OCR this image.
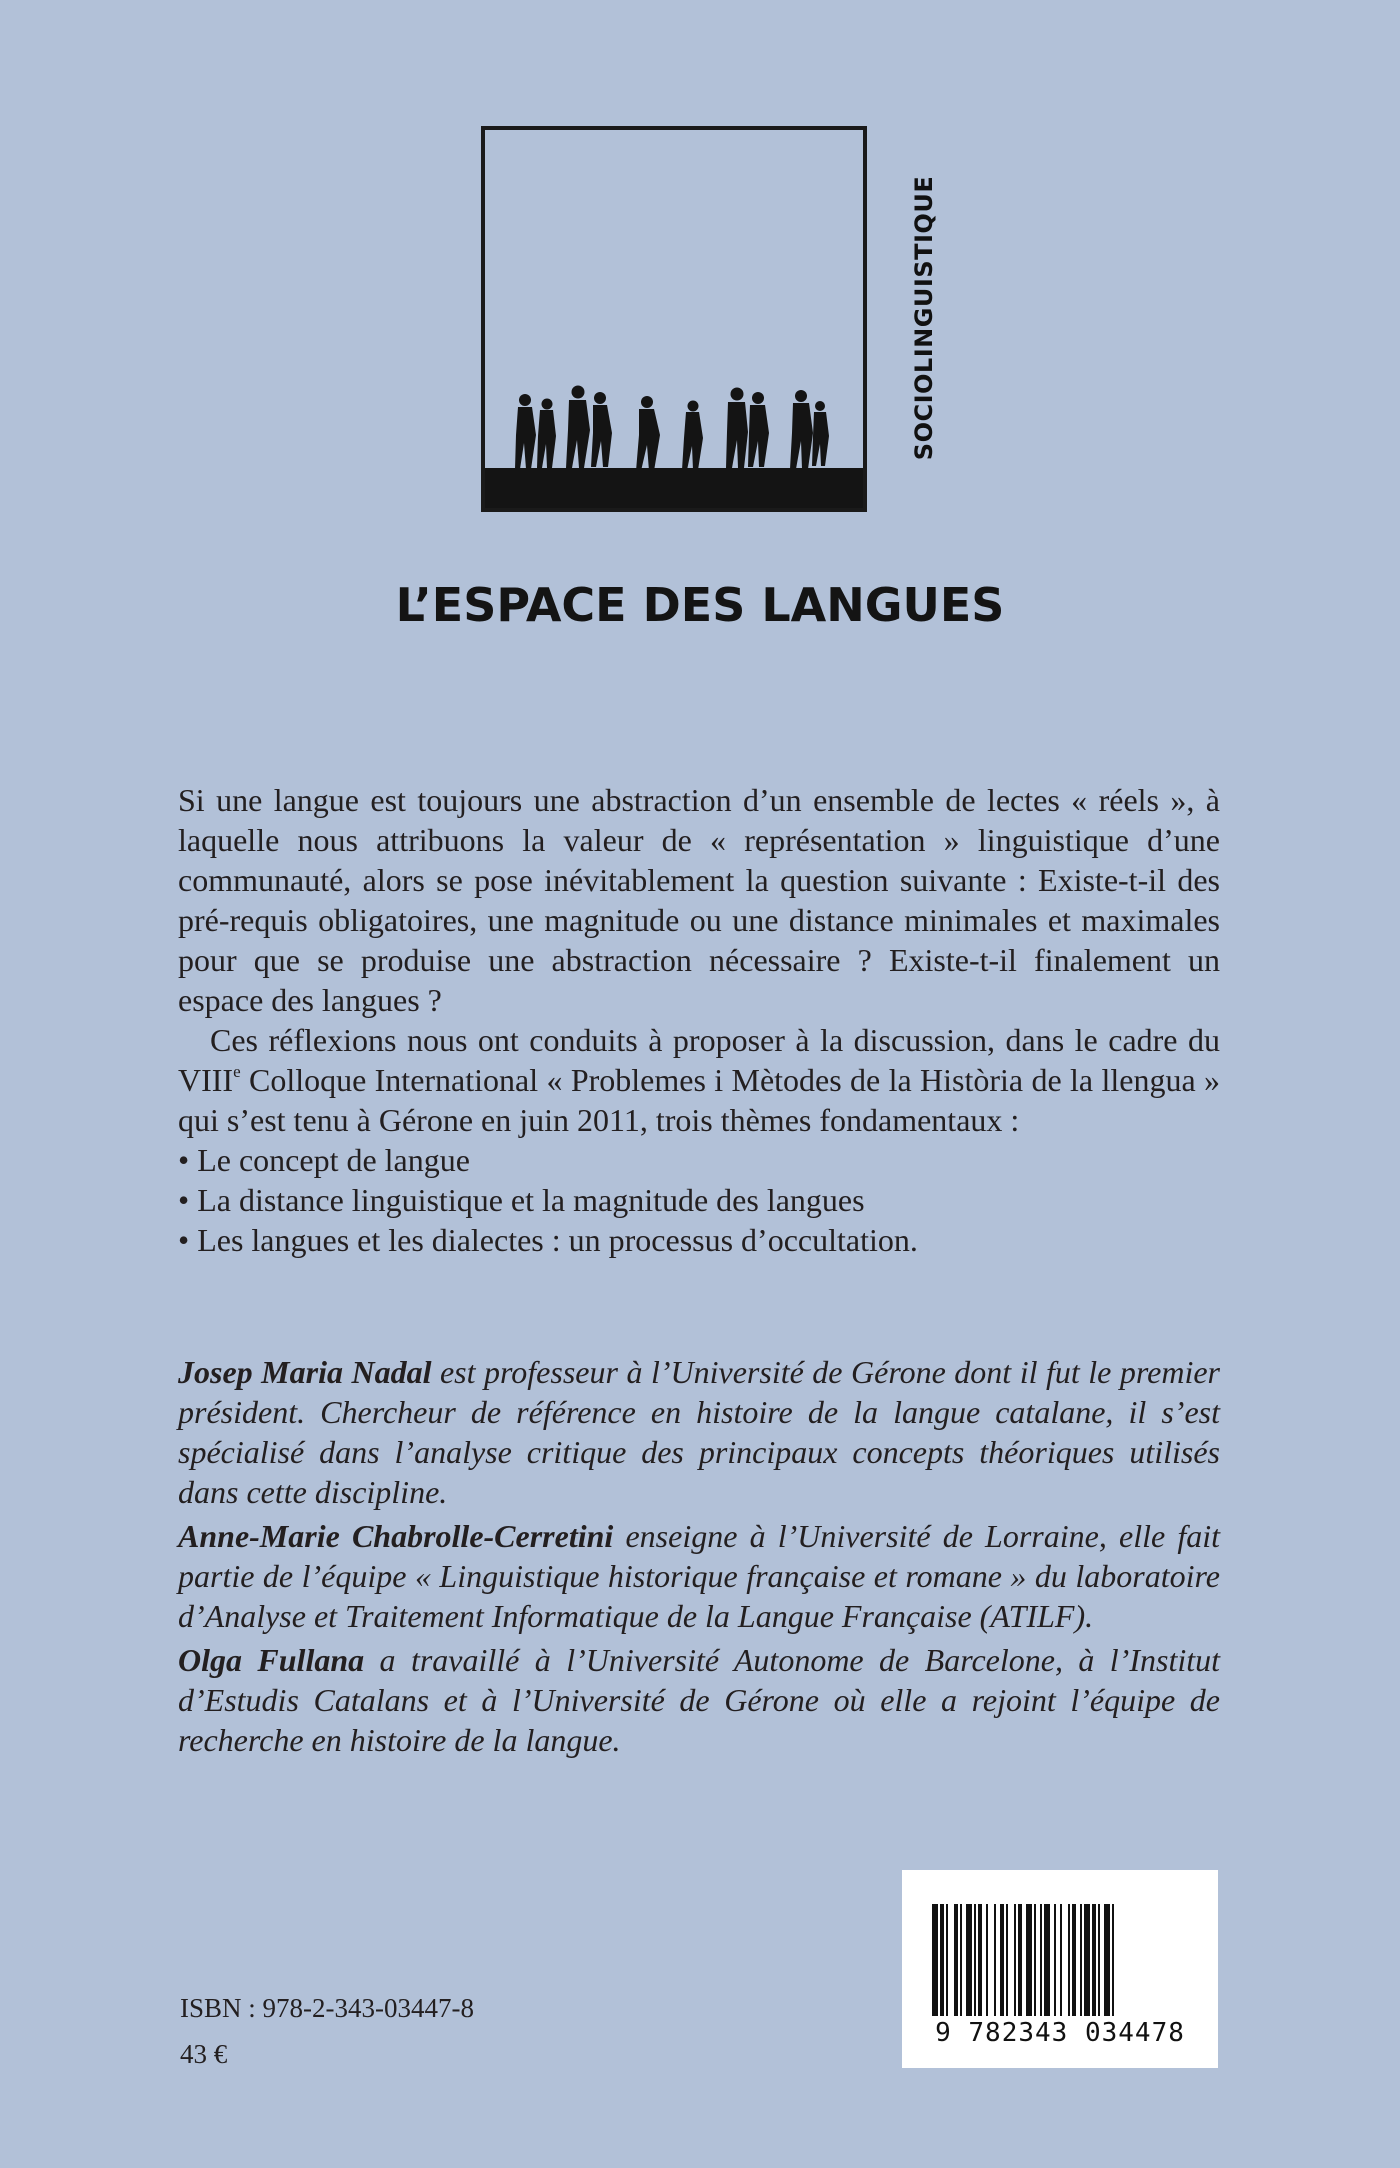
SOCIOLINGUISTIQUE
L’ESPACE DES LANGUES

Si une langue est toujours une abstraction d’un ensemble de lectes « réels », à laquelle nous attribuons la valeur de « représentation » linguistique d’une communauté, alors se pose inévitablement la question suivante : Existe-t-il des pré-requis obligatoires, une magnitude ou une distance minimales et maximales pour que se produise une abstraction nécessaire ? Existe-t-il finalement un espace des langues ?

Ces réflexions nous ont conduits à proposer à la discussion, dans le cadre du VIIIe Colloque International « Problemes i Mètodes de la Història de la llengua » qui s’est tenu à Gérone en juin 2011, trois thèmes fondamentaux :

• Le concept de langue

• La distance linguistique et la magnitude des langues

• Les langues et les dialectes : un processus d’occultation.

Josep Maria Nadal est professeur à l’Université de Gérone dont il fut le premier président. Chercheur de référence en histoire de la langue catalane, il s’est spécialisé dans l’analyse critique des principaux concepts théoriques utilisés dans cette discipline.

Anne-Marie Chabrolle-Cerretini enseigne à l’Université de Lorraine, elle fait partie de l’équipe « Linguistique historique française et romane » du laboratoire d’Analyse et Traitement Informatique de la Langue Française (ATILF).

Olga Fullana a travaillé à l’Université Autonome de Barcelone, à l’Institut d’Estudis Catalans et à l’Université de Gérone où elle a rejoint l’équipe de recherche en histoire de la langue.

ISBN : 978-2-343-03447-8
43 €
9 782343 034478
